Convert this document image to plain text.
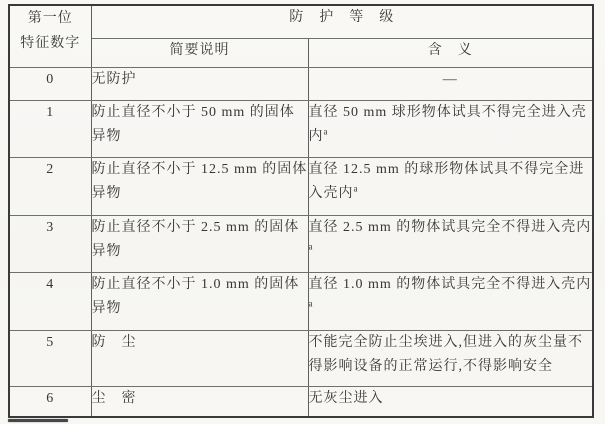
第一位
特征数字	防　护　等　级	
	简要说明	含　义
0	无防护	—
1	防止直径不小于 50 mm 的固体异物	直径 50 mm 球形物体试具不得完全进入壳内$^a$
2	防止直径不小于 12.5 mm 的固体异物	直径 12.5 mm 的球形物体试具不得完全进入壳内$^a$
3	防止直径不小于 2.5 mm 的固体异物	直径 2.5 mm 的物体试具完全不得进入壳内$^a$
4	防止直径不小于 1.0 mm 的固体异物	直径 1.0 mm 的物体试具完全不得进入壳内$^a$
5	防　尘	不能完全防止尘埃进入,但进入的灰尘量不得影响设备的正常运行,不得影响安全
6	尘　密	无灰尘进入
